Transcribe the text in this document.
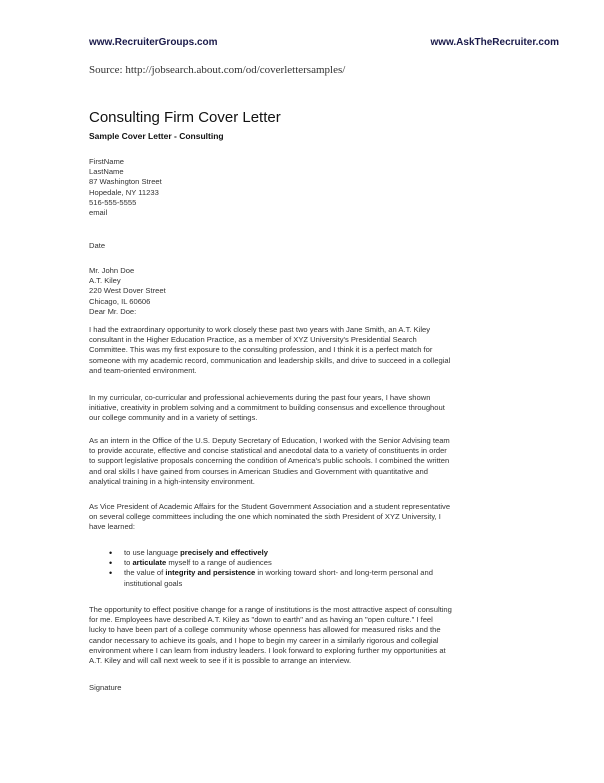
www.RecruiterGroups.com	www.AskTheRecruiter.com
Source: http://jobsearch.about.com/od/coverlettersamples/
Consulting Firm Cover Letter
Sample Cover Letter - Consulting
FirstName
LastName
87 Washington Street
Hopedale, NY 11233
516-555-5555
email
Date
Mr. John Doe
A.T. Kiley
220 West Dover Street
Chicago, IL 60606
Dear Mr. Doe:
I had the extraordinary opportunity to work closely these past two years with Jane Smith, an A.T. Kiley
consultant in the Higher Education Practice, as a member of XYZ University's Presidential Search
Committee. This was my first exposure to the consulting profession, and I think it is a perfect match for
someone with my academic record, communication and leadership skills, and drive to succeed in a collegial
and team-oriented environment.
In my curricular, co-curricular and professional achievements during the past four years, I have shown
initiative, creativity in problem solving and a commitment to building consensus and excellence throughout
our college community and in a variety of settings.
As an intern in the Office of the U.S. Deputy Secretary of Education, I worked with the Senior Advising team
to provide accurate, effective and concise statistical and anecdotal data to a variety of constituents in order
to support legislative proposals concerning the condition of America's public schools. I combined the written
and oral skills I have gained from courses in American Studies and Government with quantitative and
analytical training in a high-intensity environment.
As Vice President of Academic Affairs for the Student Government Association and a student representative
on several college committees including the one which nominated the sixth President of XYZ University, I
have learned:
• to use language precisely and effectively
• to articulate myself to a range of audiences
• the value of integrity and persistence in working toward short- and long-term personal and
institutional goals
The opportunity to effect positive change for a range of institutions is the most attractive aspect of consulting
for me. Employees have described A.T. Kiley as "down to earth" and as having an "open culture." I feel
lucky to have been part of a college community whose openness has allowed for measured risks and the
candor necessary to achieve its goals, and I hope to begin my career in a similarly rigorous and collegial
environment where I can learn from industry leaders. I look forward to exploring further my opportunities at
A.T. Kiley and will call next week to see if it is possible to arrange an interview.
Signature
